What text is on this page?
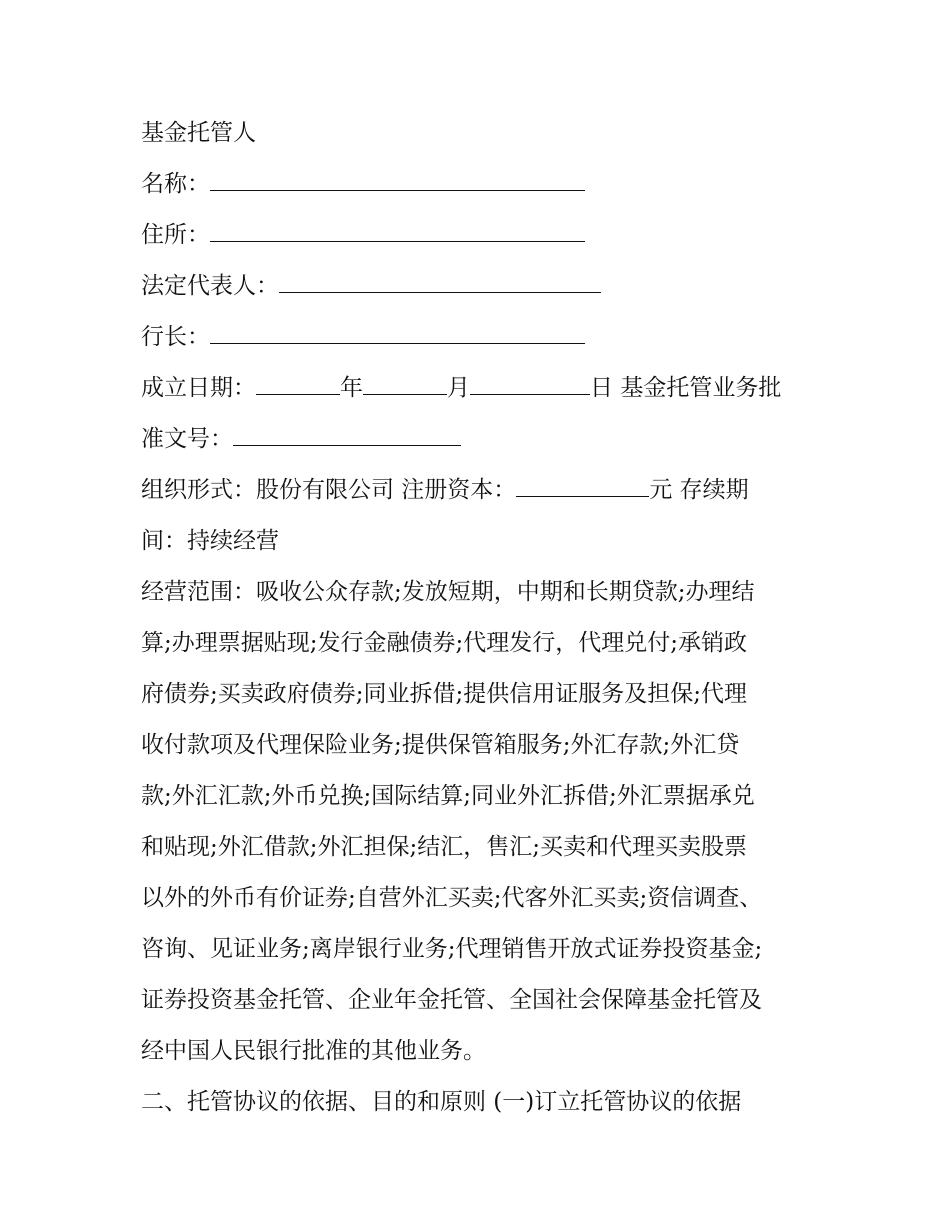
基金托管人
名称：
住所：
法定代表人：
行长：
成立日期：	年	月	日 基金托管业务批
准文号：
组织形式：股份有限公司 注册资本：	元 存续期
间：持续经营
经营范围：吸收公众存款;发放短期，中期和长期贷款;办理结
算;办理票据贴现;发行金融债券;代理发行，代理兑付;承销政
府债券;买卖政府债券;同业拆借;提供信用证服务及担保;代理
收付款项及代理保险业务;提供保管箱服务;外汇存款;外汇贷
款;外汇汇款;外币兑换;国际结算;同业外汇拆借;外汇票据承兑
和贴现;外汇借款;外汇担保;结汇，售汇;买卖和代理买卖股票
以外的外币有价证券;自营外汇买卖;代客外汇买卖;资信调查、
咨询、见证业务;离岸银行业务;代理销售开放式证券投资基金;
证券投资基金托管、企业年金托管、全国社会保障基金托管及
经中国人民银行批准的其他业务。
二、托管协议的依据、目的和原则 (一)订立托管协议的依据
